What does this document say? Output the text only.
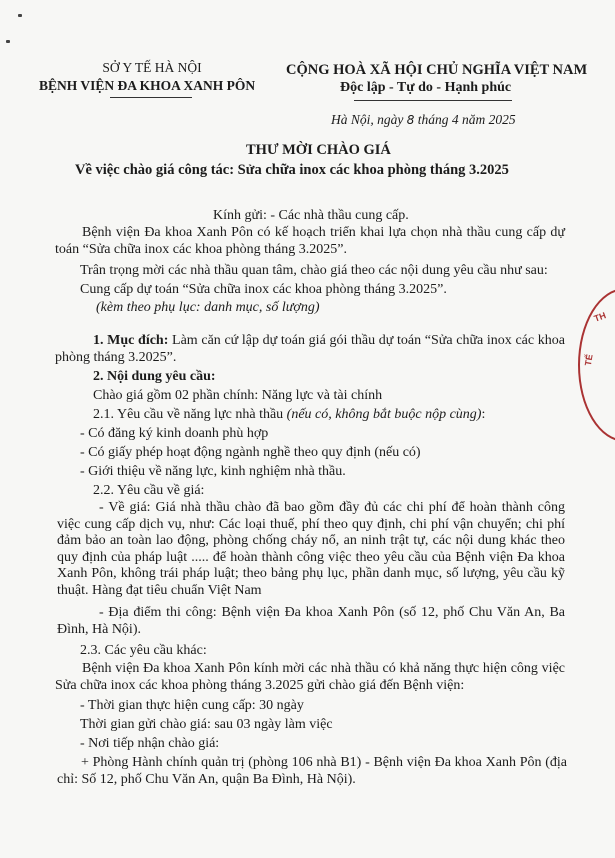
SỞ Y TẾ HÀ NỘI
BỆNH VIỆN ĐA KHOA XANH PÔN
CỘNG HOÀ XÃ HỘI CHỦ NGHĨA VIỆT NAM
Độc lập - Tự do - Hạnh phúc
Hà Nội, ngày 8 tháng 4 năm 2025
THƯ MỜI CHÀO GIÁ
Về việc chào giá công tác: Sửa chữa inox các khoa phòng tháng 3.2025
Kính gửi: - Các nhà thầu cung cấp.
Bệnh viện Đa khoa Xanh Pôn có kế hoạch triển khai lựa chọn nhà thầu cung cấp dự toán “Sửa chữa inox các khoa phòng tháng 3.2025”.
Trân trọng mời các nhà thầu quan tâm, chào giá theo các nội dung yêu cầu như sau:
Cung cấp dự toán “Sửa chữa inox các khoa phòng tháng 3.2025”.
(kèm theo phụ lục: danh mục, số lượng)
1. Mục đích: Làm căn cứ lập dự toán giá gói thầu dự toán “Sửa chữa inox các khoa phòng tháng 3.2025”.
2. Nội dung yêu cầu:
Chào giá gồm 02 phần chính: Năng lực và tài chính
2.1. Yêu cầu về năng lực nhà thầu (nếu có, không bắt buộc nộp cùng):
- Có đăng ký kinh doanh phù hợp
- Có giấy phép hoạt động ngành nghề theo quy định (nếu có)
- Giới thiệu về năng lực, kinh nghiệm nhà thầu.
2.2. Yêu cầu về giá:
- Về giá: Giá nhà thầu chào đã bao gồm đầy đủ các chi phí để hoàn thành công việc cung cấp dịch vụ, như: Các loại thuế, phí theo quy định, chi phí vận chuyển; chi phí đảm bảo an toàn lao động, phòng chống cháy nổ, an ninh trật tự, các nội dung khác theo quy định của pháp luật ..... để hoàn thành công việc theo yêu cầu của Bệnh viện Đa khoa Xanh Pôn, không trái pháp luật; theo bảng phụ lục, phần danh mục, số lượng, yêu cầu kỹ thuật. Hàng đạt tiêu chuẩn Việt Nam
- Địa điểm thi công: Bệnh viện Đa khoa Xanh Pôn (số 12, phố Chu Văn An, Ba Đình, Hà Nội).
2.3. Các yêu cầu khác:
Bệnh viện Đa khoa Xanh Pôn kính mời các nhà thầu có khả năng thực hiện công việc Sửa chữa inox các khoa phòng tháng 3.2025 gửi chào giá đến Bệnh viện:
- Thời gian thực hiện cung cấp: 30 ngày
Thời gian gửi chào giá: sau 03 ngày làm việc
- Nơi tiếp nhận chào giá:
+ Phòng Hành chính quản trị (phòng 106 nhà B1) - Bệnh viện Đa khoa Xanh Pôn (địa chỉ: Số 12, phố Chu Văn An, quận Ba Đình, Hà Nội).
TH
TẾ
